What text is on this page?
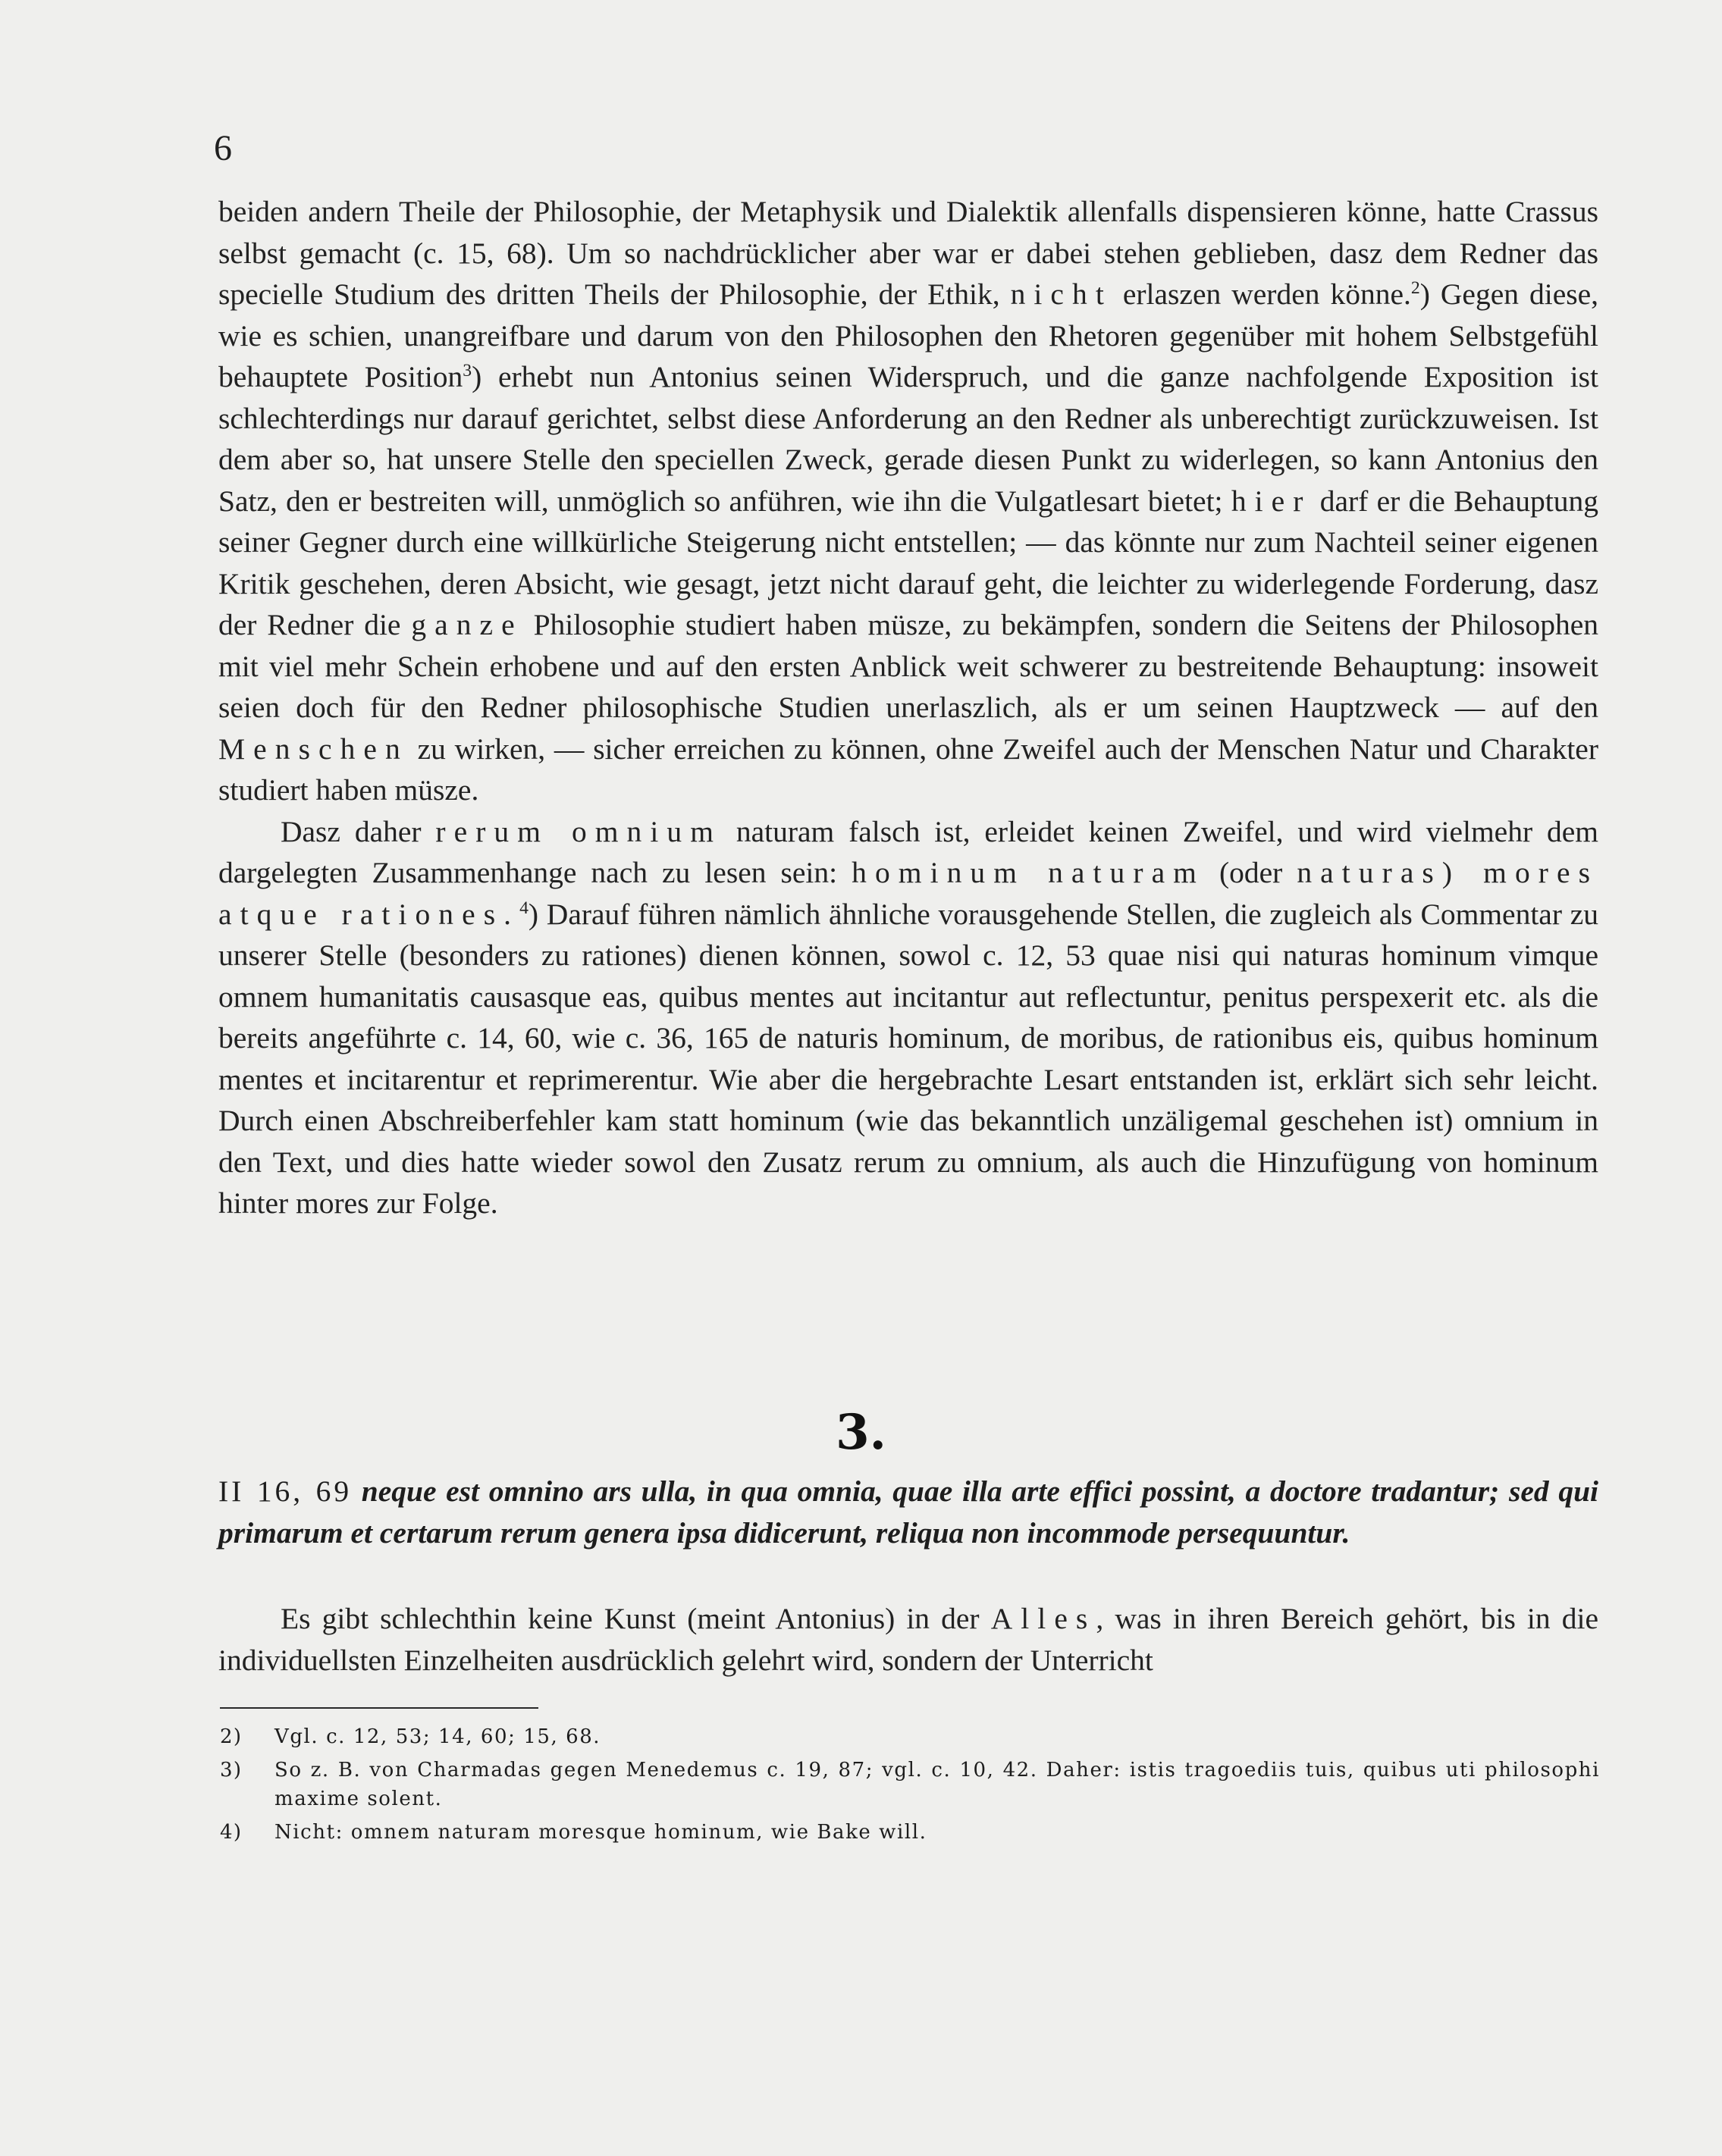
6

beiden andern Theile der Philosophie, der Metaphysik und Dialektik allenfalls dispensieren könne, hatte Crassus selbst gemacht (c. 15, 68). Um so nachdrücklicher aber war er dabei stehen geblieben, dasz dem Redner das specielle Studium des dritten Theils der Philosophie, der Ethik, nicht erlaszen werden könne.$^2$) Gegen diese, wie es schien, unangreifbare und darum von den Philosophen den Rhetoren gegenüber mit hohem Selbstgefühl behauptete Position$^3$) erhebt nun Antonius seinen Widerspruch, und die ganze nachfolgende Exposition ist schlechterdings nur darauf gerichtet, selbst diese Anforderung an den Redner als unberechtigt zurückzuweisen. Ist dem aber so, hat unsere Stelle den speciellen Zweck, gerade diesen Punkt zu widerlegen, so kann Antonius den Satz, den er bestreiten will, unmöglich so anführen, wie ihn die Vulgatlesart bietet; hier darf er die Behauptung seiner Gegner durch eine willkürliche Steigerung nicht entstellen; — das könnte nur zum Nachteil seiner eigenen Kritik geschehen, deren Absicht, wie gesagt, jetzt nicht darauf geht, die leichter zu widerlegende Forderung, dasz der Redner die ganze Philosophie studiert haben müsze, zu bekämpfen, sondern die Seitens der Philosophen mit viel mehr Schein erhobene und auf den ersten Anblick weit schwerer zu bestreitende Behauptung: insoweit seien doch für den Redner philosophische Studien unerlaszlich, als er um seinen Hauptzweck — auf den Menschen zu wirken, — sicher erreichen zu können, ohne Zweifel auch der Menschen Natur und Charakter studiert haben müsze.

Dasz daher rerum omnium naturam falsch ist, erleidet keinen Zweifel, und wird vielmehr dem dargelegten Zusammenhange nach zu lesen sein: hominum naturam (oder naturas) mores atque rationes.$^4$) Darauf führen nämlich ähnliche vorausgehende Stellen, die zugleich als Commentar zu unserer Stelle (besonders zu rationes) dienen können, sowol c. 12, 53 quae nisi qui naturas hominum vimque omnem humanitatis causasque eas, quibus mentes aut incitantur aut reflectuntur, penitus perspexerit etc. als die bereits angeführte c. 14, 60, wie c. 36, 165 de naturis hominum, de moribus, de rationibus eis, quibus hominum mentes et incitarentur et reprimerentur. Wie aber die hergebrachte Lesart entstanden ist, erklärt sich sehr leicht. Durch einen Abschreiberfehler kam statt hominum (wie das bekanntlich unzäligemal geschehen ist) omnium in den Text, und dies hatte wieder sowol den Zusatz rerum zu omnium, als auch die Hinzufügung von hominum hinter mores zur Folge.

3.
II 16, 69 neque est omnino ars ulla, in qua omnia, quae illa arte effici possint, a doctore tradantur; sed qui primarum et certarum rerum genera ipsa didicerunt, reliqua non incommode persequuntur.

Es gibt schlechthin keine Kunst (meint Antonius) in der Alles, was in ihren Bereich gehört, bis in die individuellsten Einzelheiten ausdrücklich gelehrt wird, sondern der Unterricht

2)	Vgl. c. 12, 53; 14, 60; 15, 68.
3)	So z. B. von Charmadas gegen Menedemus c. 19, 87; vgl. c. 10, 42. Daher: istis tragoediis tuis, quibus uti philosophi maxime solent.
4)	Nicht: omnem naturam moresque hominum, wie Bake will.
